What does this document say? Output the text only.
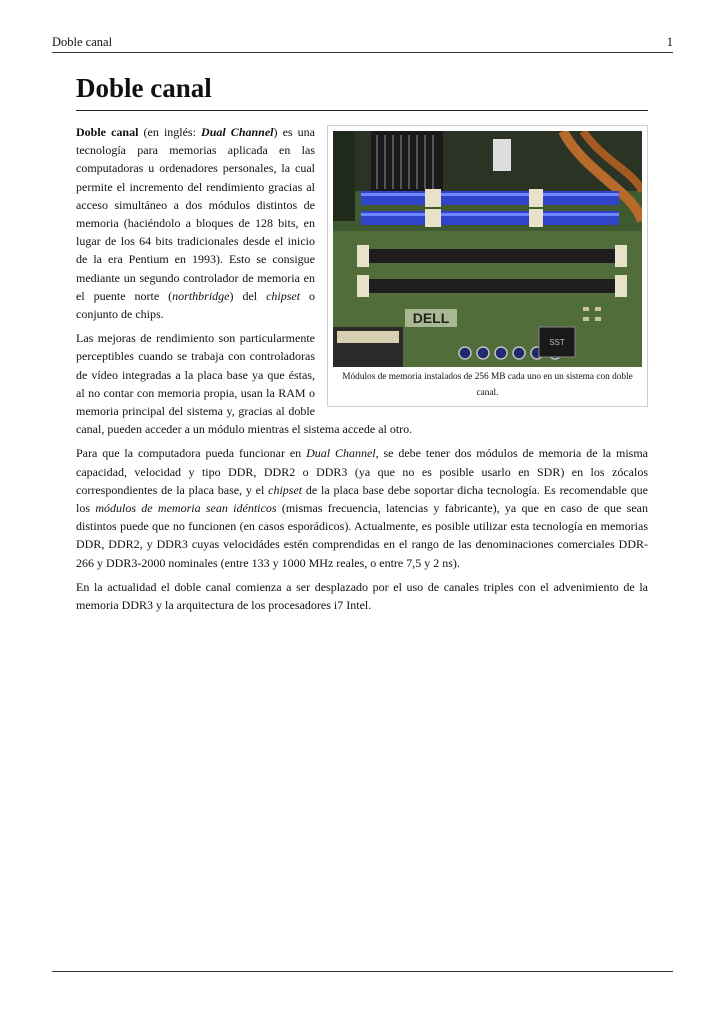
Doble canal	1
Doble canal
DELL
SST
Módulos de memoria instalados de 256 MB cada uno en un sistema con doble canal.

Doble canal (en inglés: Dual Channel) es una tecnología para memorias aplicada en las computadoras u ordenadores personales, la cual permite el incremento del rendimiento gracias al acceso simultáneo a dos módulos distintos de memoria (haciéndolo a bloques de 128 bits, en lugar de los 64 bits tradicionales desde el inicio de la era Pentium en 1993). Esto se consigue mediante un segundo controlador de memoria en el puente norte (northbridge) del chipset o conjunto de chips.

Las mejoras de rendimiento son particularmente perceptibles cuando se trabaja con controladoras de vídeo integradas a la placa base ya que éstas, al no contar con memoria propia, usan la RAM o memoria principal del sistema y, gracias al doble canal, pueden acceder a un módulo mientras el sistema accede al otro.

Para que la computadora pueda funcionar en Dual Channel, se debe tener dos módulos de memoria de la misma capacidad, velocidad y tipo DDR, DDR2 o DDR3 (ya que no es posible usarlo en SDR) en los zócalos correspondientes de la placa base, y el chipset de la placa base debe soportar dicha tecnología. Es recomendable que los módulos de memoria sean idénticos (mismas frecuencia, latencias y fabricante), ya que en caso de que sean distintos puede que no funcionen (en casos esporádicos). Actualmente, es posible utilizar esta tecnología en memorias DDR, DDR2, y DDR3 cuyas velocidádes estén comprendidas en el rango de las denominaciones comerciales DDR-266 y DDR3-2000 nominales (entre 133 y 1000 MHz reales, o entre 7,5 y 2 ns).

En la actualidad el doble canal comienza a ser desplazado por el uso de canales triples con el advenimiento de la memoria DDR3 y la arquitectura de los procesadores i7 Intel.
